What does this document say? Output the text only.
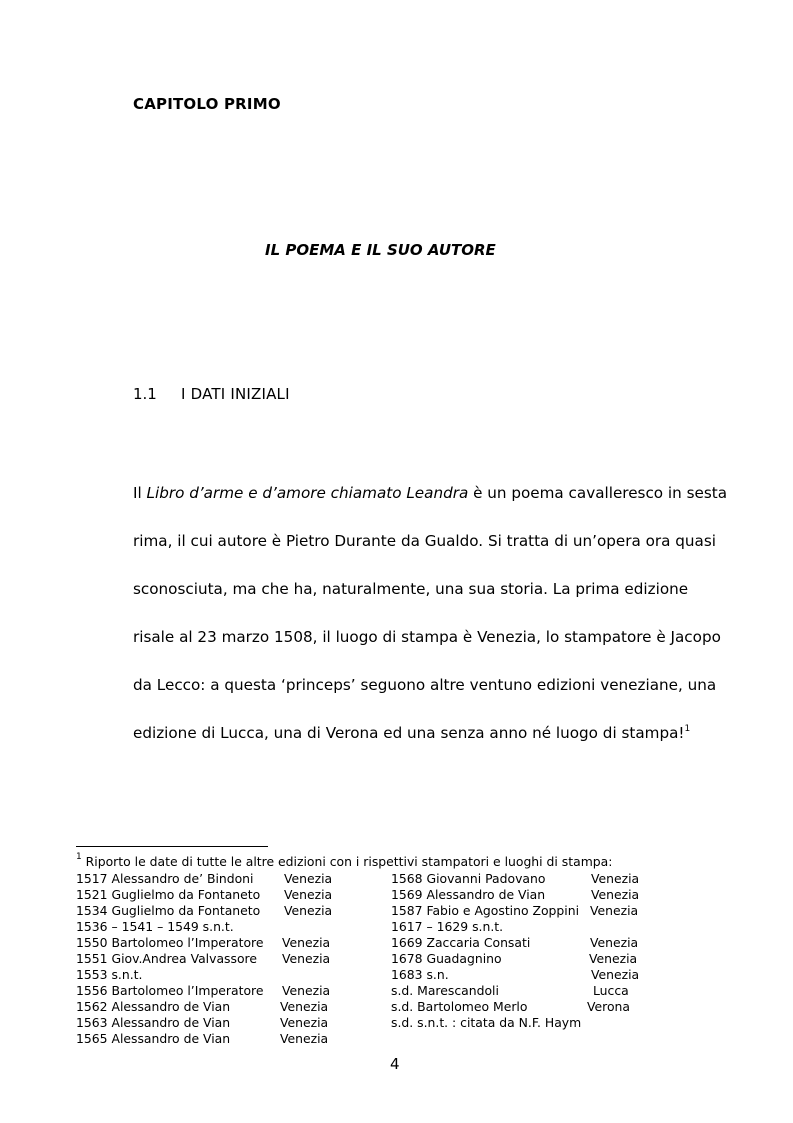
CAPITOLO PRIMO
IL POEMA E IL SUO AUTORE
1.1 I DATI INIZIALI
Il Libro d’arme e d’amore chiamato Leandra è un poema cavalleresco in sesta
rima, il cui autore è Pietro Durante da Gualdo. Si tratta di un’opera ora quasi
sconosciuta, ma che ha, naturalmente, una sua storia. La prima edizione
risale al 23 marzo 1508, il luogo di stampa è Venezia, lo stampatore è Jacopo
da Lecco: a questa ‘princeps’ seguono altre ventuno edizioni veneziane, una
edizione di Lucca, una di Verona ed una senza anno né luogo di stampa!$^1$
$^1$ Riporto le date di tutte le altre edizioni con i rispettivi stampatori e luoghi di stampa:
1517 Alessandro de’ Bindoni Venezia
1521 Guglielmo da Fontaneto Venezia
1534 Guglielmo da Fontaneto Venezia
1536 – 1541 – 1549 s.n.t.
1550 Bartolomeo l’Imperatore Venezia
1551 Giov.Andrea Valvassore Venezia
1553 s.n.t.
1556 Bartolomeo l’Imperatore Venezia
1562 Alessandro de Vian	Venezia
1563 Alessandro de Vian	Venezia
1565 Alessandro de Vian	Venezia
1568 Giovanni Padovano	Venezia
1569 Alessandro de Vian	Venezia
1587 Fabio e Agostino Zoppini Venezia
1617 – 1629 s.n.t.
1669 Zaccaria Consati	Venezia
1678 Guadagnino	Venezia
1683 s.n.	Venezia
s.d. Marescandoli	Lucca
s.d. Bartolomeo Merlo	Verona
s.d. s.n.t. : citata da N.F. Haym
4
